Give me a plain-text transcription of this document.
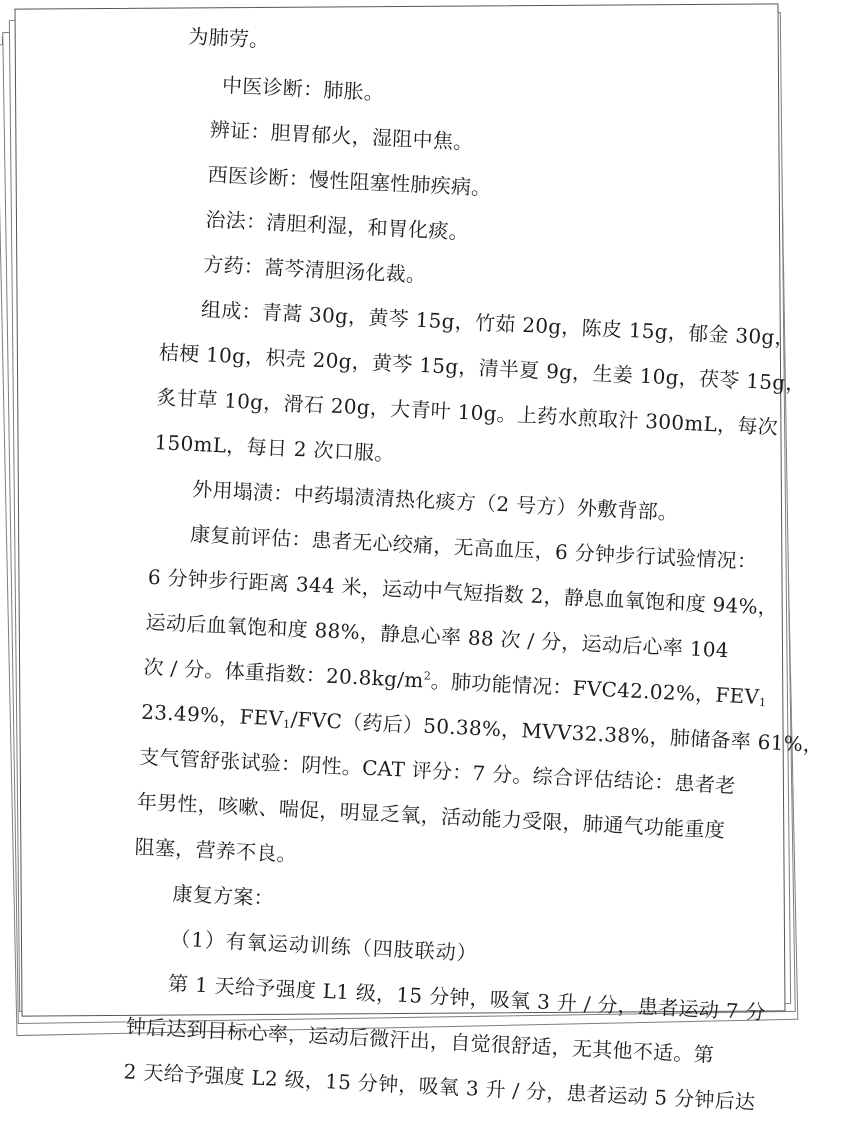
为肺劳。
中医诊断：肺胀。
辨证：胆胃郁火，湿阻中焦。
西医诊断：慢性阻塞性肺疾病。
治法：清胆利湿，和胃化痰。
方药：蒿芩清胆汤化裁。
组成：青蒿 30g，黄芩 15g，竹茹 20g，陈皮 15g，郁金 30g，
桔梗 10g，枳壳 20g，黄芩 15g，清半夏 9g，生姜 10g，茯苓 15g，
炙甘草 10g，滑石 20g，大青叶 10g。上药水煎取汁 300mL，每次
150mL，每日 2 次口服。
外用塌渍：中药塌渍清热化痰方（2 号方）外敷背部。
康复前评估：患者无心绞痛，无高血压，6 分钟步行试验情况：
6 分钟步行距离 344 米，运动中气短指数 2，静息血氧饱和度 94%，
运动后血氧饱和度 88%，静息心率 88 次 / 分，运动后心率 104
次 / 分。体重指数：$20.8kg/m^2$。肺功能情况：FVC42.02%，$FEV_1$
23.49%，$FEV_1/FVC$（药后）50.38%，MVV32.38%，肺储备率 61%，
支气管舒张试验：阴性。CAT 评分：7 分。综合评估结论：患者老
年男性，咳嗽、喘促，明显乏氧，活动能力受限，肺通气功能重度
阻塞，营养不良。
康复方案：
（1）有氧运动训练（四肢联动）
第 1 天给予强度 L1 级，15 分钟，吸氧 3 升 / 分，患者运动 7 分
钟后达到目标心率，运动后微汗出，自觉很舒适，无其他不适。第
2 天给予强度 L2 级，15 分钟，吸氧 3 升 / 分，患者运动 5 分钟后达
